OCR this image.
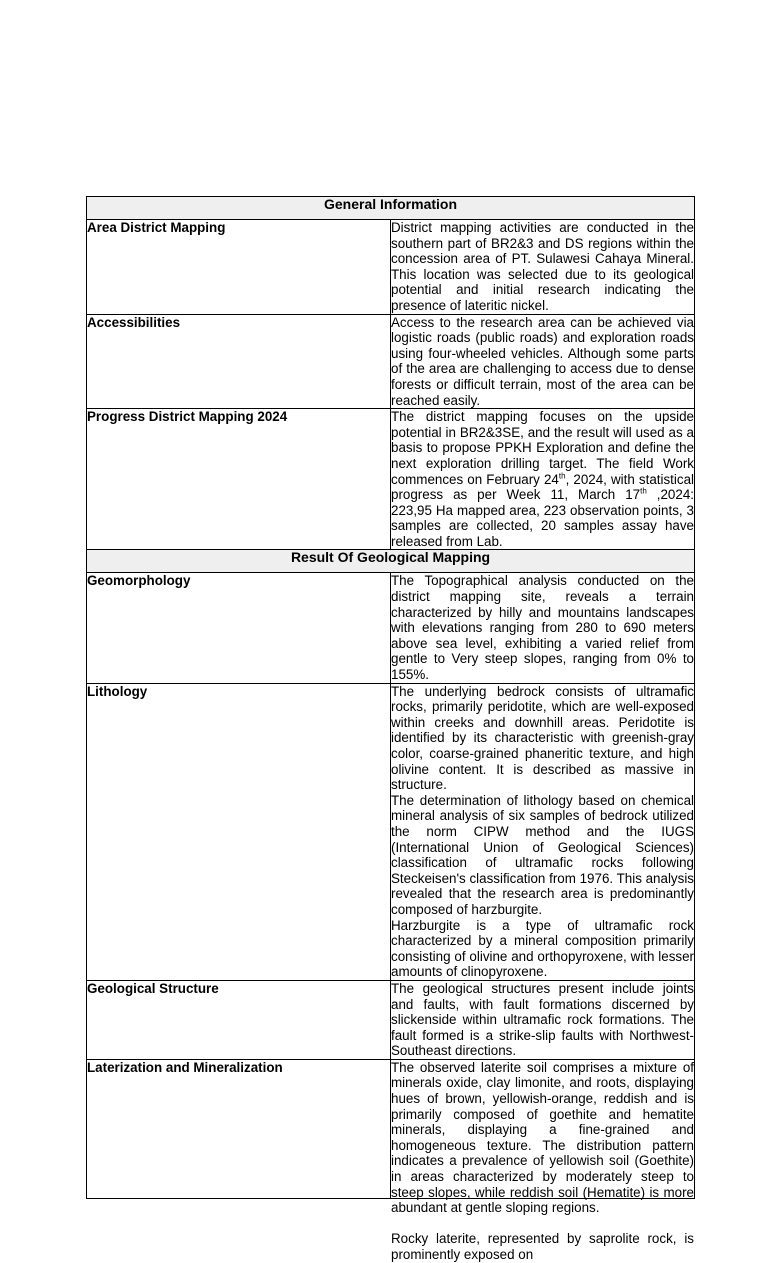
General Information	
Area District Mapping	District mapping activities are conducted in the southern part of BR2&3 and DS regions within the concession area of PT. Sulawesi Cahaya Mineral. This location was selected due to its geological potential and initial research indicating the presence of lateritic nickel.
Accessibilities	Access to the research area can be achieved via logistic roads (public roads) and exploration roads using four-wheeled vehicles. Although some parts of the area are challenging to access due to dense forests or difficult terrain, most of the area can be reached easily.
Progress District Mapping 2024	The district mapping focuses on the upside potential in BR2&3SE, and the result will used as a basis to propose PPKH Exploration and define the next exploration drilling target. The field Work commences on February 24th, 2024, with statistical progress as per Week 11, March 17th ,2024: 223,95 Ha mapped area, 223 observation points, 3 samples are collected, 20 samples assay have released from Lab.
Result Of Geological Mapping	
Geomorphology	The Topographical analysis conducted on the district mapping site, reveals a terrain characterized by hilly and mountains landscapes with elevations ranging from 280 to 690 meters above sea level, exhibiting a varied relief from gentle to Very steep slopes, ranging from 0% to 155%.
Lithology	The underlying bedrock consists of ultramafic rocks, primarily peridotite, which are well-exposed within creeks and downhill areas. Peridotite is identified by its characteristic with greenish-gray color, coarse-grained phaneritic texture, and high olivine content. It is described as massive in structure.

The determination of lithology based on chemical mineral analysis of six samples of bedrock utilized the norm CIPW method and the IUGS (International Union of Geological Sciences) classification of ultramafic rocks following Steckeisen's classification from 1976. This analysis revealed that the research area is predominantly composed of harzburgite.

Harzburgite is a type of ultramafic rock characterized by a mineral composition primarily consisting of olivine and orthopyroxene, with lesser amounts of clinopyroxene.

Geological Structure	The geological structures present include joints and faults, with fault formations discerned by slickenside within ultramafic rock formations. The fault formed is a strike-slip faults with Northwest-Southeast directions.
Laterization and Mineralization	The observed laterite soil comprises a mixture of minerals oxide, clay limonite, and roots, displaying hues of brown, yellowish-orange, reddish and is primarily composed of goethite and hematite minerals, displaying a fine-grained and homogeneous texture. The distribution pattern indicates a prevalence of yellowish soil (Goethite) in areas characterized by moderately steep to steep slopes, while reddish soil (Hematite) is more abundant at gentle sloping regions.

Rocky laterite, represented by saprolite rock, is prominently exposed on
